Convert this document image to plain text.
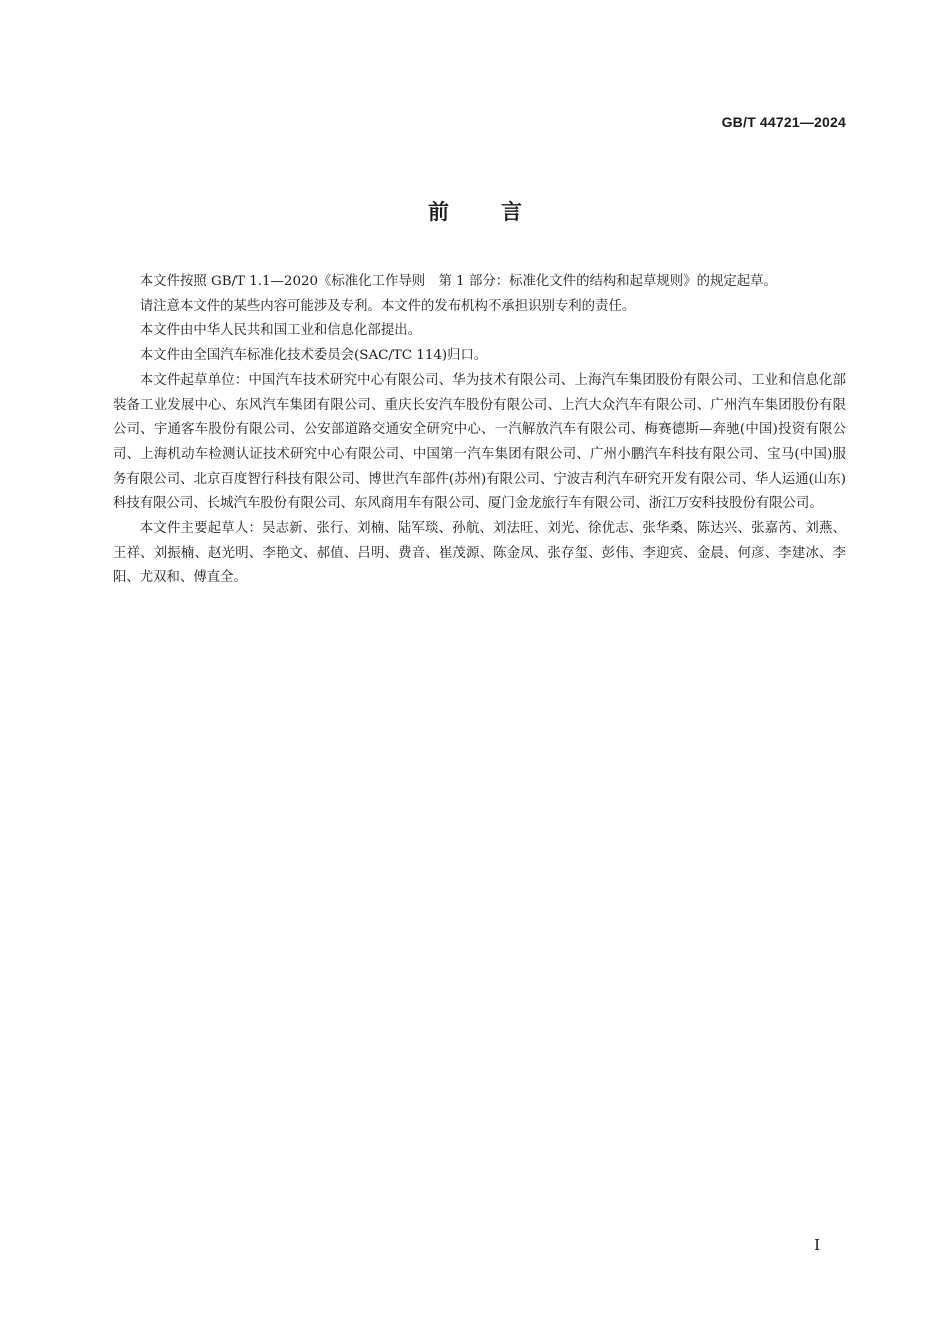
GB/T 44721—2024
前言

本文件按照 GB/T 1.1—2020《标准化工作导则　第 1 部分：标准化文件的结构和起草规则》的规定起草。

请注意本文件的某些内容可能涉及专利。本文件的发布机构不承担识别专利的责任。

本文件由中华人民共和国工业和信息化部提出。

本文件由全国汽车标准化技术委员会(SAC/TC 114)归口。

本文件起草单位：中国汽车技术研究中心有限公司、华为技术有限公司、上海汽车集团股份有限公司、工业和信息化部装备工业发展中心、东风汽车集团有限公司、重庆长安汽车股份有限公司、上汽大众汽车有限公司、广州汽车集团股份有限公司、宇通客车股份有限公司、公安部道路交通安全研究中心、一汽解放汽车有限公司、梅赛德斯—奔驰(中国)投资有限公司、上海机动车检测认证技术研究中心有限公司、中国第一汽车集团有限公司、广州小鹏汽车科技有限公司、宝马(中国)服务有限公司、北京百度智行科技有限公司、博世汽车部件(苏州)有限公司、宁波吉利汽车研究开发有限公司、华人运通(山东)科技有限公司、长城汽车股份有限公司、东风商用车有限公司、厦门金龙旅行车有限公司、浙江万安科技股份有限公司。

本文件主要起草人：吴志新、张行、刘楠、陆军琰、孙航、刘法旺、刘光、徐优志、张华桑、陈达兴、张嘉芮、刘燕、王祥、刘振楠、赵光明、李艳文、郝值、吕明、费音、崔茂源、陈金凤、张存玺、彭伟、李迎宾、金晨、何彦、李建冰、李阳、尤双和、傅直全。

I
